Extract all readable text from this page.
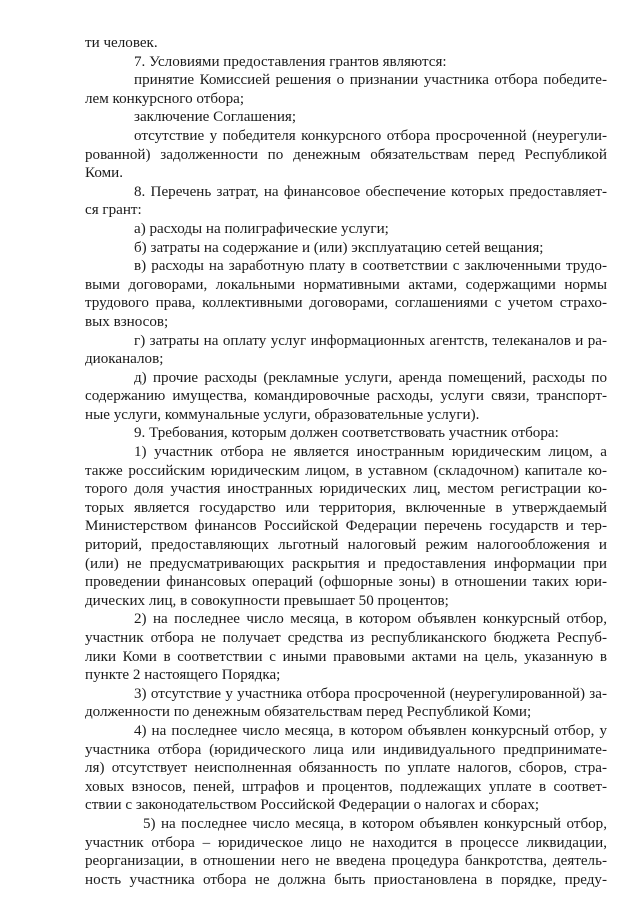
ти человек.
7. Условиями предоставления грантов являются:
принятие Комиссией решения о признании участника отбора победите-
лем конкурсного отбора;
заключение Соглашения;
отсутствие у победителя конкурсного отбора просроченной (неурегули-
рованной) задолженности по денежным обязательствам перед Республикой
Коми.
8. Перечень затрат, на финансовое обеспечение которых предоставляет-
ся грант:
а) расходы на полиграфические услуги;
б) затраты на содержание и (или) эксплуатацию сетей вещания;
в) расходы на заработную плату в соответствии с заключенными трудо-
выми договорами, локальными нормативными актами, содержащими нормы
трудового права, коллективными договорами, соглашениями с учетом страхо-
вых взносов;
г) затраты на оплату услуг информационных агентств, телеканалов и ра-
диоканалов;
д) прочие расходы (рекламные услуги, аренда помещений, расходы по
содержанию имущества, командировочные расходы, услуги связи, транспорт-
ные услуги, коммунальные услуги, образовательные услуги).
9. Требования, которым должен соответствовать участник отбора:
1) участник отбора не является иностранным юридическим лицом, а
также российским юридическим лицом, в уставном (складочном) капитале ко-
торого доля участия иностранных юридических лиц, местом регистрации ко-
торых является государство или территория, включенные в утверждаемый
Министерством финансов Российской Федерации перечень государств и тер-
риторий, предоставляющих льготный налоговый режим налогообложения и
(или) не предусматривающих раскрытия и предоставления информации при
проведении финансовых операций (офшорные зоны) в отношении таких юри-
дических лиц, в совокупности превышает 50 процентов;
2) на последнее число месяца, в котором объявлен конкурсный отбор,
участник отбора не получает средства из республиканского бюджета Респуб-
лики Коми в соответствии с иными правовыми актами на цель, указанную в
пункте 2 настоящего Порядка;
3) отсутствие у участника отбора просроченной (неурегулированной) за-
долженности по денежным обязательствам перед Республикой Коми;
4) на последнее число месяца, в котором объявлен конкурсный отбор, у
участника отбора (юридического лица или индивидуального предпринимате-
ля) отсутствует неисполненная обязанность по уплате налогов, сборов, стра-
ховых взносов, пеней, штрафов и процентов, подлежащих уплате в соответ-
ствии с законодательством Российской Федерации о налогах и сборах;
5) на последнее число месяца, в котором объявлен конкурсный отбор,
участник отбора – юридическое лицо не находится в процессе ликвидации,
реорганизации, в отношении него не введена процедура банкротства, деятель-
ность участника отбора не должна быть приостановлена в порядке, преду-
